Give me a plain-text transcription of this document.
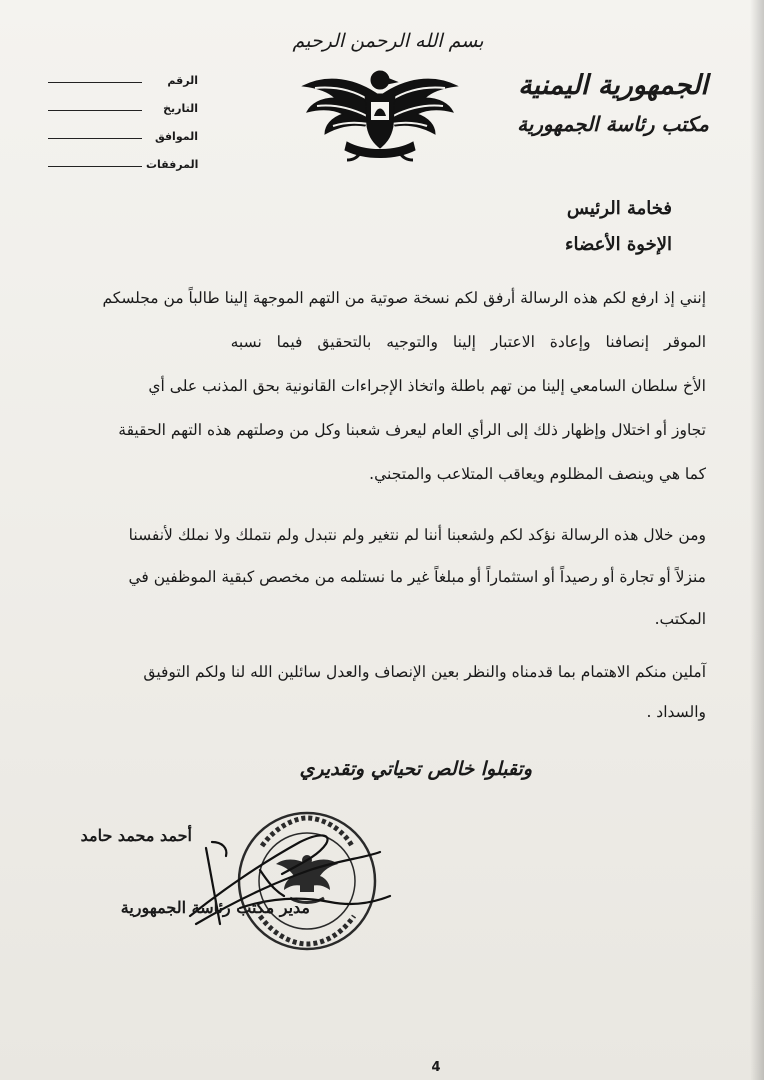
بسم الله الرحمن الرحيم
الجمهورية اليمنية
مكتب رئاسة الجمهورية
الرقم
التاريخ
الموافق
المرفقات
فخامة الرئيس
الإخوة الأعضاء
إنني إذ ارفع لكم هذه الرسالة أرفق لكم نسخة صوتية من التهم الموجهة إلينا طالباً من مجلسكم
الموقر إنصافنا وإعادة الاعتبار إلينا والتوجيه بالتحقيق فيما نسبه
الأخ سلطان السامعي إلينا من تهم باطلة واتخاذ الإجراءات القانونية بحق المذنب على أي
تجاوز أو اختلال وإظهار ذلك إلى الرأي العام ليعرف شعبنا وكل من وصلتهم هذه التهم الحقيقة
كما هي وينصف المظلوم ويعاقب المتلاعب والمتجني.
ومن خلال هذه الرسالة نؤكد لكم ولشعبنا أننا لم نتغير ولم نتبدل ولم نتملك ولا نملك لأنفسنا
منزلاً أو تجارة أو رصيداً أو استثماراً أو مبلغاً غير ما نستلمه من مخصص كبقية الموظفين في
المكتب.
آملين منكم الاهتمام بما قدمناه والنظر بعين الإنصاف والعدل سائلين الله لنا ولكم التوفيق
والسداد .
وتقبلوا خالص تحياتي وتقديري
أحمد محمد حامد
مدير مكتب رئاسة الجمهورية
4
